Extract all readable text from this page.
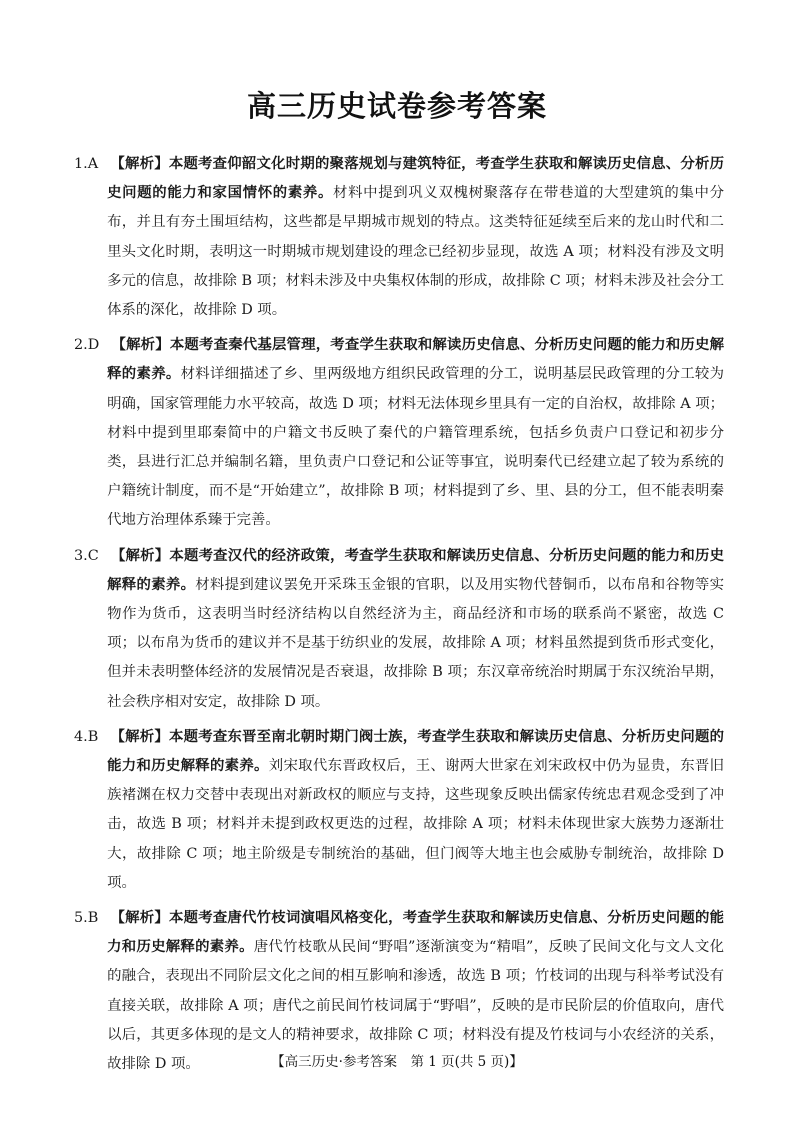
高三历史试卷参考答案

1.A 【解析】本题考查仰韶文化时期的聚落规划与建筑特征，考查学生获取和解读历史信息、分析历史问题的能力和家国情怀的素养。材料中提到巩义双槐树聚落存在带巷道的大型建筑的集中分布，并且有夯土围垣结构，这些都是早期城市规划的特点。这类特征延续至后来的龙山时代和二里头文化时期，表明这一时期城市规划建设的理念已经初步显现，故选 A 项；材料没有涉及文明多元的信息，故排除 B 项；材料未涉及中央集权体制的形成，故排除 C 项；材料未涉及社会分工体系的深化，故排除 D 项。

2.D 【解析】本题考查秦代基层管理，考查学生获取和解读历史信息、分析历史问题的能力和历史解释的素养。材料详细描述了乡、里两级地方组织民政管理的分工，说明基层民政管理的分工较为明确，国家管理能力水平较高，故选 D 项；材料无法体现乡里具有一定的自治权，故排除 A 项；材料中提到里耶秦简中的户籍文书反映了秦代的户籍管理系统，包括乡负责户口登记和初步分类，县进行汇总并编制名籍，里负责户口登记和公证等事宜，说明秦代已经建立起了较为系统的户籍统计制度，而不是“开始建立”，故排除 B 项；材料提到了乡、里、县的分工，但不能表明秦代地方治理体系臻于完善。

3.C 【解析】本题考查汉代的经济政策，考查学生获取和解读历史信息、分析历史问题的能力和历史解释的素养。材料提到建议罢免开采珠玉金银的官职，以及用实物代替铜币，以布帛和谷物等实物作为货币，这表明当时经济结构以自然经济为主，商品经济和市场的联系尚不紧密，故选 C 项；以布帛为货币的建议并不是基于纺织业的发展，故排除 A 项；材料虽然提到货币形式变化，但并未表明整体经济的发展情况是否衰退，故排除 B 项；东汉章帝统治时期属于东汉统治早期，社会秩序相对安定，故排除 D 项。

4.B 【解析】本题考查东晋至南北朝时期门阀士族，考查学生获取和解读历史信息、分析历史问题的能力和历史解释的素养。刘宋取代东晋政权后，王、谢两大世家在刘宋政权中仍为显贵，东晋旧族褚渊在权力交替中表现出对新政权的顺应与支持，这些现象反映出儒家传统忠君观念受到了冲击，故选 B 项；材料并未提到政权更迭的过程，故排除 A 项；材料未体现世家大族势力逐渐壮大，故排除 C 项；地主阶级是专制统治的基础，但门阀等大地主也会威胁专制统治，故排除 D 项。

5.B 【解析】本题考查唐代竹枝词演唱风格变化，考查学生获取和解读历史信息、分析历史问题的能力和历史解释的素养。唐代竹枝歌从民间“野唱”逐渐演变为“精唱”，反映了民间文化与文人文化的融合，表现出不同阶层文化之间的相互影响和渗透，故选 B 项；竹枝词的出现与科举考试没有直接关联，故排除 A 项；唐代之前民间竹枝词属于“野唱”，反映的是市民阶层的价值取向，唐代以后，其更多体现的是文人的精神要求，故排除 C 项；材料没有提及竹枝词与小农经济的关系，故排除 D 项。	【高三历史·参考答案　第 1 页(共 5 页)】
